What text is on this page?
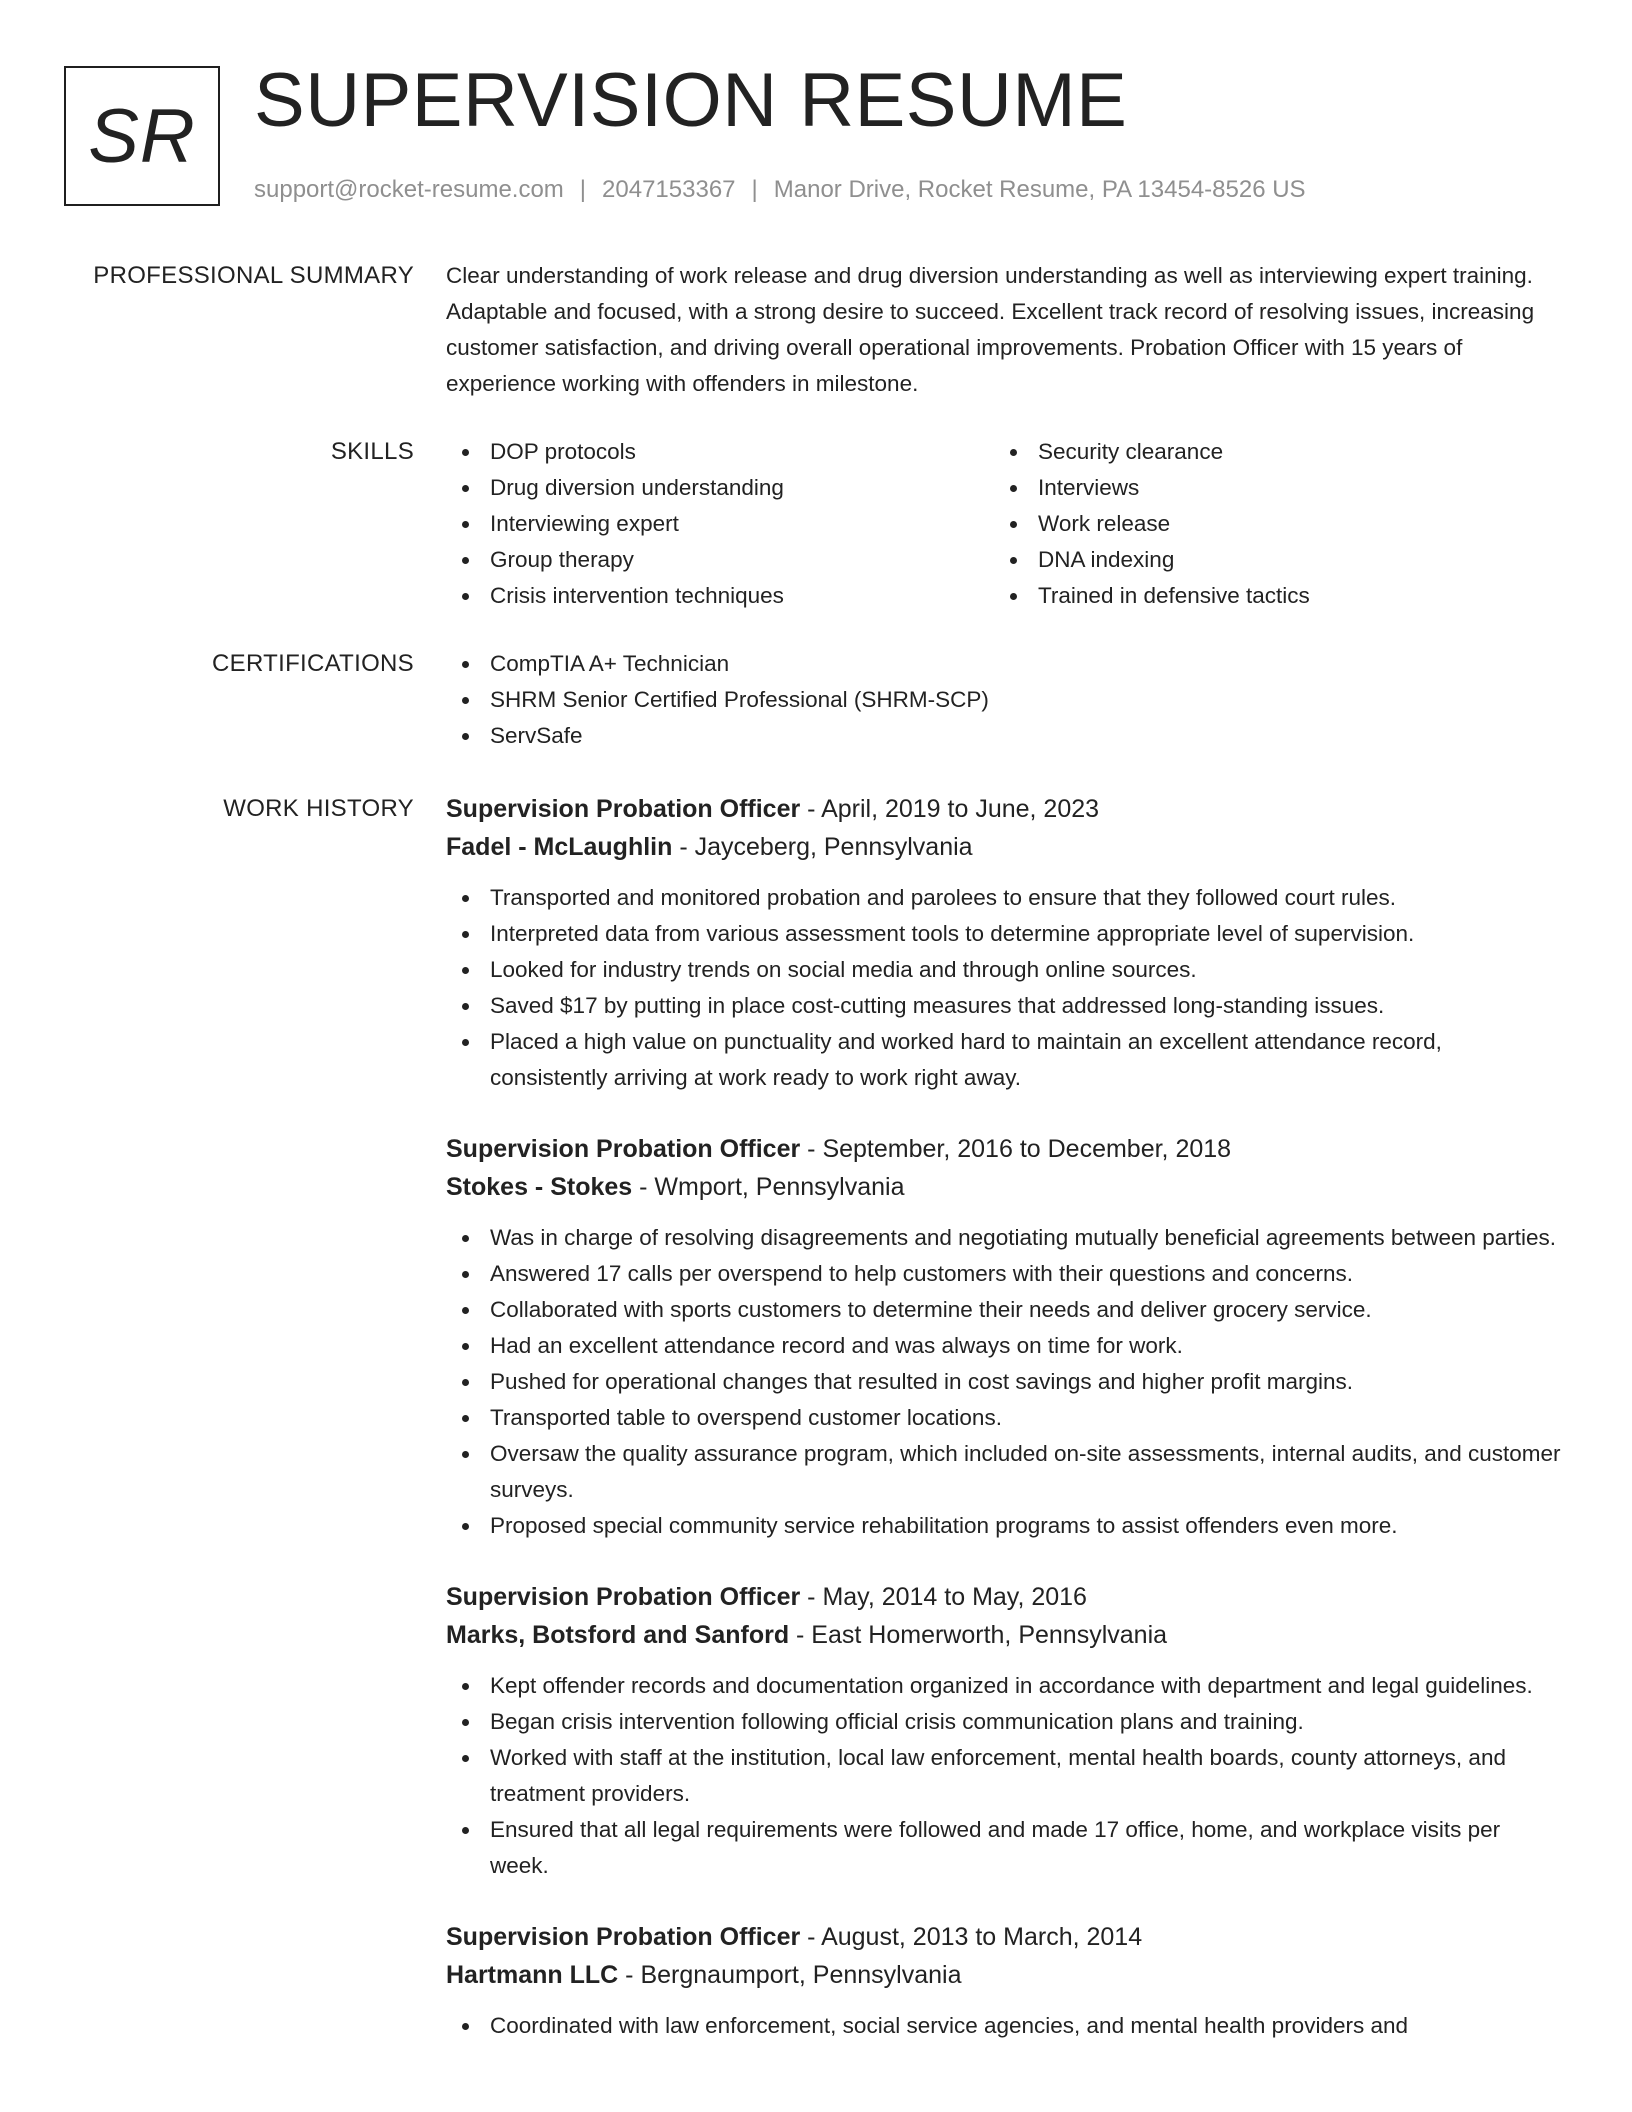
SR SUPERVISION RESUME
support@rocket-resume.com | 2047153367 | Manor Drive, Rocket Resume, PA 13454-8526 US
PROFESSIONAL SUMMARY Clear understanding of work release and drug diversion understanding as well as interviewing expert training. Adaptable and focused, with a strong desire to succeed. Excellent track record of resolving issues, increasing customer satisfaction, and driving overall operational improvements. Probation Officer with 15 years of experience working with offenders in milestone.

SKILLS	DOP protocols
Drug diversion understanding
Interviewing expert
Group therapy
Crisis intervention techniques
Security clearance
Interviews
Work release
DNA indexing
Trained in defensive tactics
CERTIFICATIONS	CompTIA A+ Technician
SHRM Senior Certified Professional (SHRM-SCP)
ServSafe
WORK HISTORY Supervision Probation Officer - April, 2019 to June, 2023
Fadel - McLaughlin - Jayceberg, Pennsylvania
Transported and monitored probation and parolees to ensure that they followed court rules.
Interpreted data from various assessment tools to determine appropriate level of supervision.
Looked for industry trends on social media and through online sources.
Saved $17 by putting in place cost-cutting measures that addressed long-standing issues.
Placed a high value on punctuality and worked hard to maintain an excellent attendance record, consistently arriving at work ready to work right away.
Supervision Probation Officer - September, 2016 to December, 2018
Stokes - Stokes - Wmport, Pennsylvania
Was in charge of resolving disagreements and negotiating mutually beneficial agreements between parties.
Answered 17 calls per overspend to help customers with their questions and concerns.
Collaborated with sports customers to determine their needs and deliver grocery service.
Had an excellent attendance record and was always on time for work.
Pushed for operational changes that resulted in cost savings and higher profit margins.
Transported table to overspend customer locations.
Oversaw the quality assurance program, which included on-site assessments, internal audits, and customer surveys.
Proposed special community service rehabilitation programs to assist offenders even more.
Supervision Probation Officer - May, 2014 to May, 2016
Marks, Botsford and Sanford - East Homerworth, Pennsylvania
Kept offender records and documentation organized in accordance with department and legal guidelines.
Began crisis intervention following official crisis communication plans and training.
Worked with staff at the institution, local law enforcement, mental health boards, county attorneys, and treatment providers.
Ensured that all legal requirements were followed and made 17 office, home, and workplace visits per week.
Supervision Probation Officer - August, 2013 to March, 2014
Hartmann LLC - Bergnaumport, Pennsylvania
Coordinated with law enforcement, social service agencies, and mental health providers and
